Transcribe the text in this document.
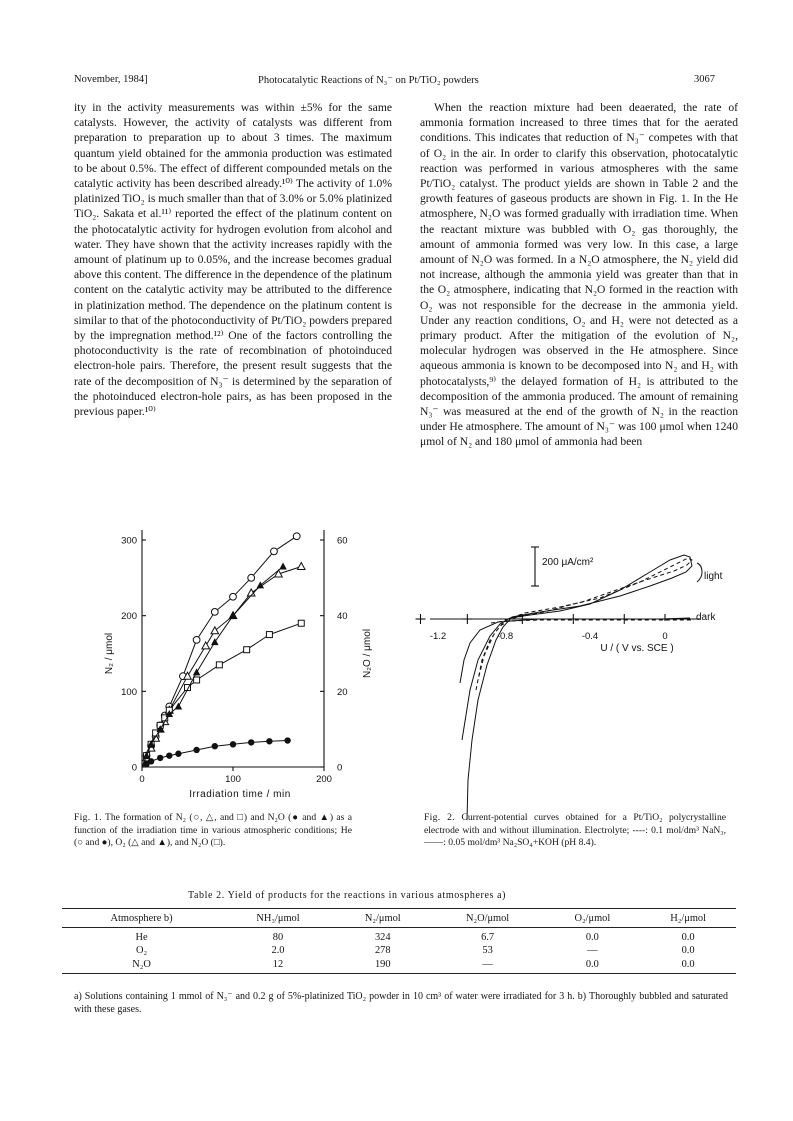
November, 1984]	Photocatalytic Reactions of N₃⁻ on Pt/TiO₂ powders	3067

ity in the activity measurements was within ±5% for the same catalysts. However, the activity of catalysts was different from preparation to preparation up to about 3 times. The maximum quantum yield obtained for the ammonia production was estimated to be about 0.5%. The effect of different compounded metals on the catalytic activity has been described already.¹⁰⁾ The activity of 1.0% platinized TiO₂ is much smaller than that of 3.0% or 5.0% platinized TiO₂. Sakata et al.¹¹⁾ reported the effect of the platinum content on the photocatalytic activity for hydrogen evolution from alcohol and water. They have shown that the activity increases rapidly with the amount of platinum up to 0.05%, and the increase becomes gradual above this content. The difference in the dependence of the platinum content on the catalytic activity may be attributed to the difference in platinization method. The dependence on the platinum content is similar to that of the photoconductivity of Pt/TiO₂ powders prepared by the impregnation method.¹²⁾ One of the factors controlling the photoconductivity is the rate of recombination of photoinduced electron-hole pairs. Therefore, the present result suggests that the rate of the decomposition of N₃⁻ is determined by the separation of the photoinduced electron-hole pairs, as has been proposed in the previous paper.¹⁰⁾

When the reaction mixture had been deaerated, the rate of ammonia formation increased to three times that for the aerated conditions. This indicates that reduction of N₃⁻ competes with that of O₂ in the air. In order to clarify this observation, photocatalytic reaction was performed in various atmospheres with the same Pt/TiO₂ catalyst. The product yields are shown in Table 2 and the growth features of gaseous products are shown in Fig. 1. In the He atmosphere, N₂O was formed gradually with irradiation time. When the reactant mixture was bubbled with O₂ gas thoroughly, the amount of ammonia formed was very low. In this case, a large amount of N₂O was formed. In a N₂O atmosphere, the N₂ yield did not increase, although the ammonia yield was greater than that in the O₂ atmosphere, indicating that N₂O formed in the reaction with O₂ was not responsible for the decrease in the ammonia yield. Under any reaction conditions, O₂ and H₂ were not detected as a primary product. After the mitigation of the evolution of N₂, molecular hydrogen was observed in the He atmosphere. Since aqueous ammonia is known to be decomposed into N₂ and H₂ with photocatalysts,⁹⁾ the delayed formation of H₂ is attributed to the decomposition of the ammonia produced. The amount of remaining N₃⁻ was measured at the end of the growth of N₂ in the reaction under He atmosphere. The amount of N₃⁻ was 100 μmol when 1240 μmol of N₂ and 180 μmol of ammonia had been

0	100	200
0
100
200
300
0
20
40
60
Irradiation time / min
N₂ / μmol	N₂O / μmol	-1.2	-0.8	-0.4	0
U / ( V vs. SCE )
200 μA/cm²
light
dark
Fig. 1. The formation of N₂ (○, △, and □) and N₂O (● and ▲) as a function of the irradiation time in various atmospheric conditions; He (○ and ●), O₂ (△ and ▲), and N₂O (□).
Fig. 2. Current-potential curves obtained for a Pt/TiO₂ polycrystalline electrode with and without illumination. Electrolyte; ----: 0.1 mol/dm³ NaN₃, ——: 0.05 mol/dm³ Na₂SO₄+KOH (pH 8.4).
Table 2. Yield of products for the reactions in various atmospheres a)
Atmosphere b)	NH₃/μmol	N₂/μmol	N₂O/μmol	O₂/μmol	H₂/μmol
He	80	324	6.7	0.0	0.0
O₂	2.0	278	53	—	0.0
N₂O	12	190	—	0.0	0.0
a) Solutions containing 1 mmol of N₃⁻ and 0.2 g of 5%-platinized TiO₂ powder in 10 cm³ of water were irradiated for 3 h. b) Thoroughly bubbled and saturated with these gases.
